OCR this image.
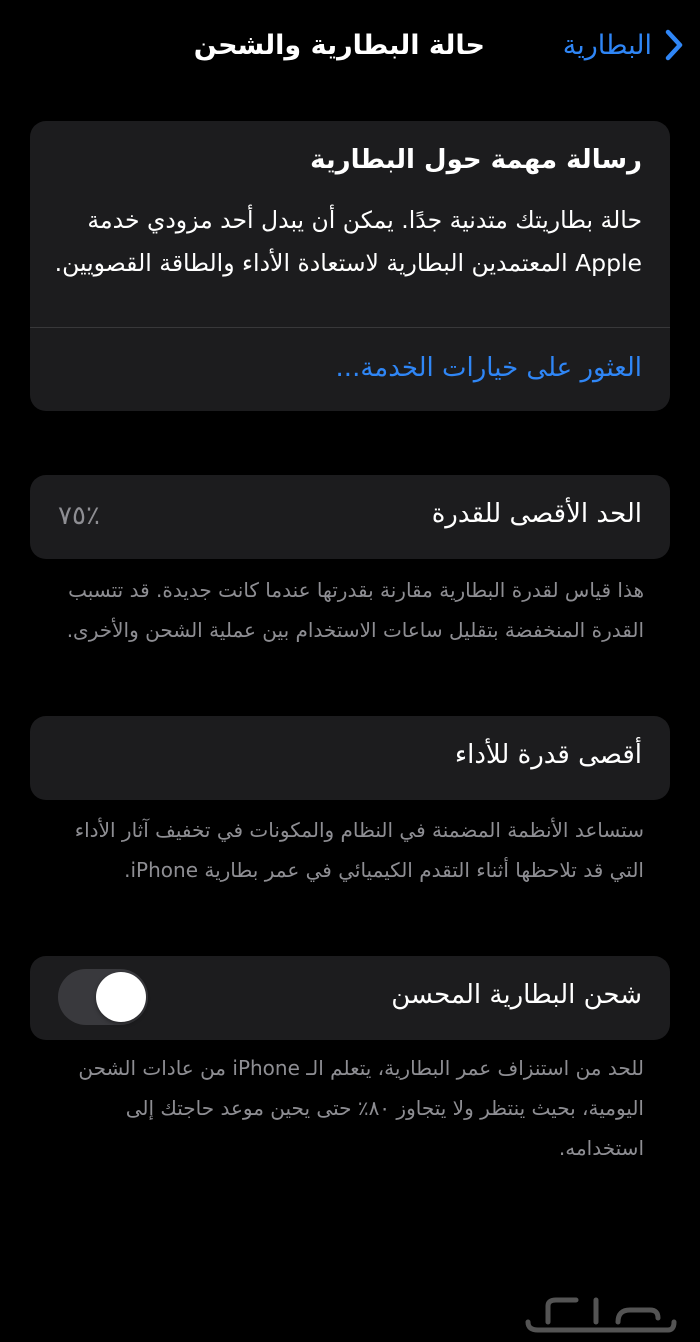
البطارية
حالة البطارية والشحن
رسالة مهمة حول البطارية
حالة بطاريتك متدنية جدًا. يمكن أن يبدل أحد مزودي خدمة Apple المعتمدين البطارية لاستعادة الأداء والطاقة القصويين.
العثور على خيارات الخدمة...
الحد الأقصى للقدرة
٪٧٥
هذا قياس لقدرة البطارية مقارنة بقدرتها عندما كانت جديدة. قد تتسبب القدرة المنخفضة بتقليل ساعات الاستخدام بين عملية الشحن والأخرى.
أقصى قدرة للأداء
ستساعد الأنظمة المضمنة في النظام والمكونات في تخفيف آثار الأداء التي قد تلاحظها أثناء التقدم الكيميائي في عمر بطارية iPhone.
شحن البطارية المحسن
للحد من استنزاف عمر البطارية، يتعلم الـ iPhone من عادات الشحن اليومية، بحيث ينتظر ولا يتجاوز ٨٠٪ حتى يحين موعد حاجتك إلى استخدامه.
